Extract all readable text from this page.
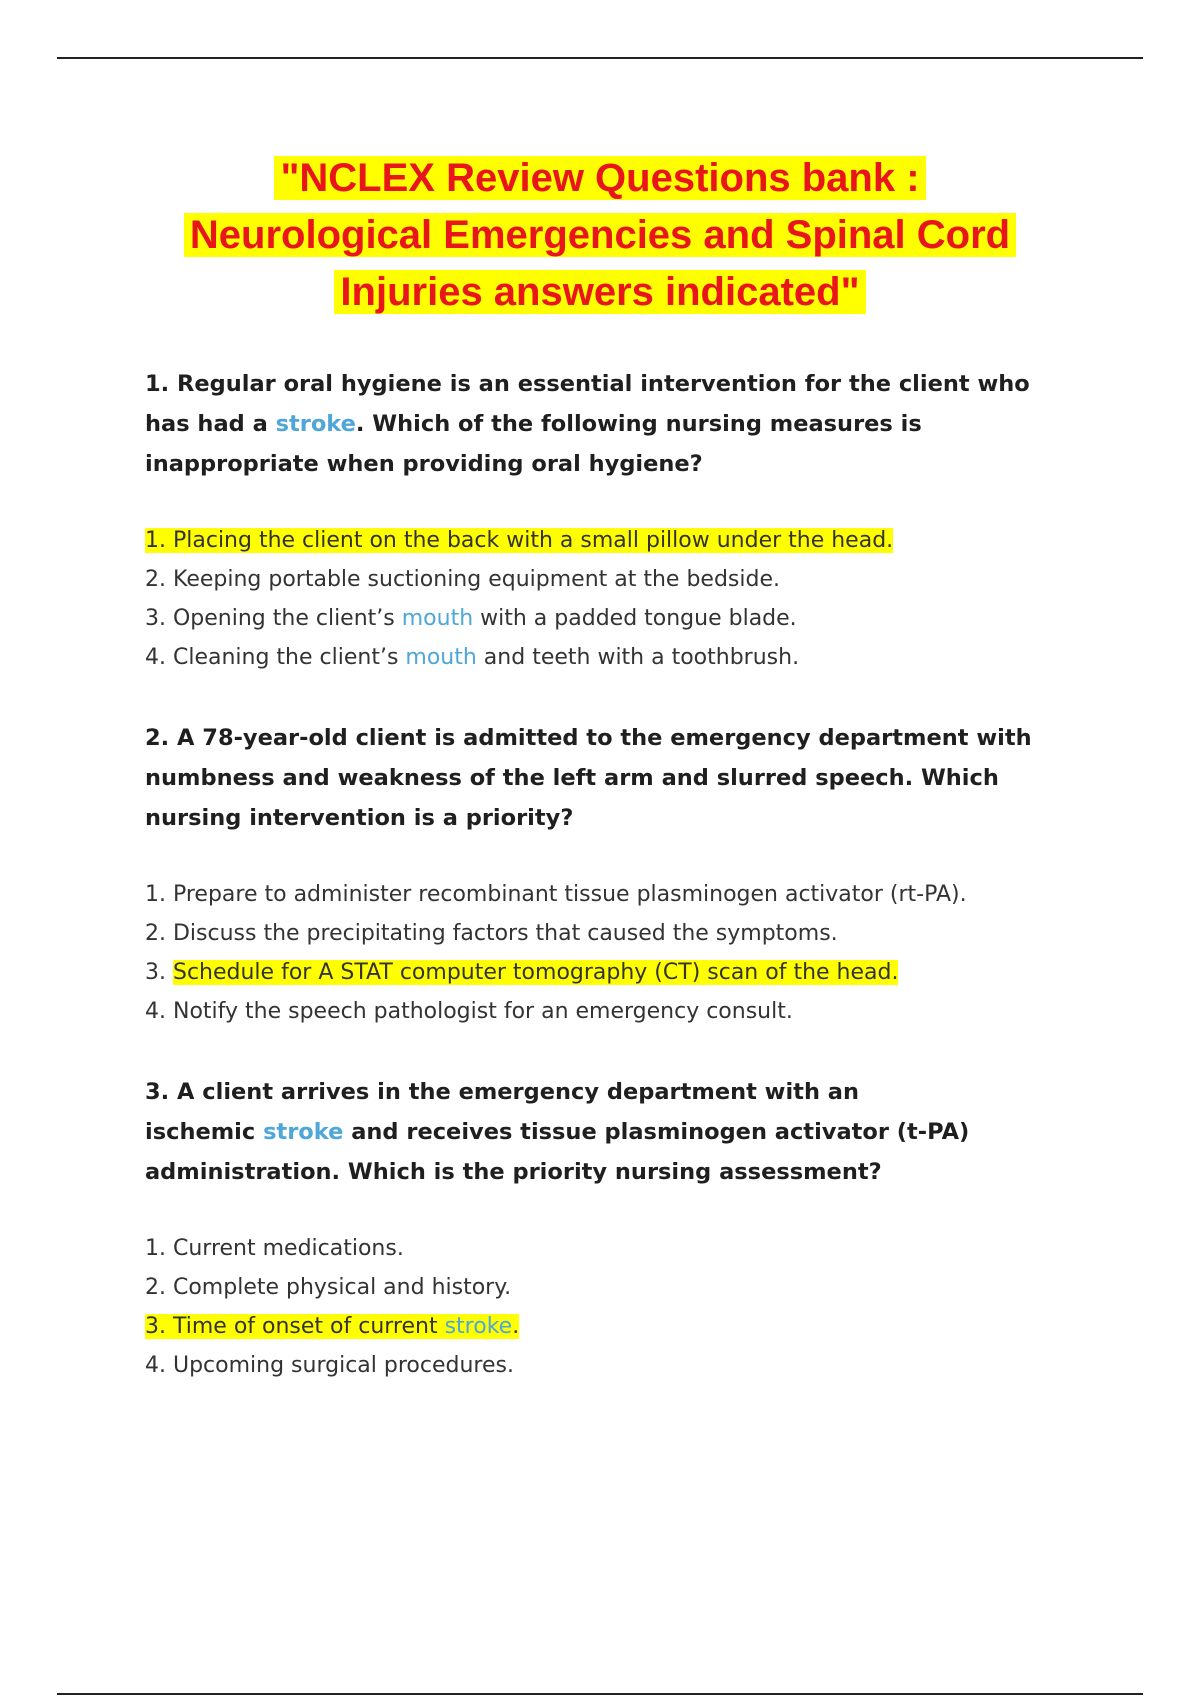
"NCLEX Review Questions bank :
Neurological Emergencies and Spinal Cord
Injuries answers indicated"

1. Regular oral hygiene is an essential intervention for the client who has had a stroke. Which of the following nursing measures is inappropriate when providing oral hygiene?

1. Placing the client on the back with a small pillow under the head.
2. Keeping portable suctioning equipment at the bedside.
3. Opening the client’s mouth with a padded tongue blade.
4. Cleaning the client’s mouth and teeth with a toothbrush.

2. A 78-year-old client is admitted to the emergency department with numbness and weakness of the left arm and slurred speech. Which nursing intervention is a priority?

1. Prepare to administer recombinant tissue plasminogen activator (rt-PA).
2. Discuss the precipitating factors that caused the symptoms.
3. Schedule for A STAT computer tomography (CT) scan of the head.
4. Notify the speech pathologist for an emergency consult.

3. A client arrives in the emergency department with an
ischemic stroke and receives tissue plasminogen activator (t-PA) administration. Which is the priority nursing assessment?

1. Current medications.
2. Complete physical and history.
3. Time of onset of current stroke.
4. Upcoming surgical procedures.
